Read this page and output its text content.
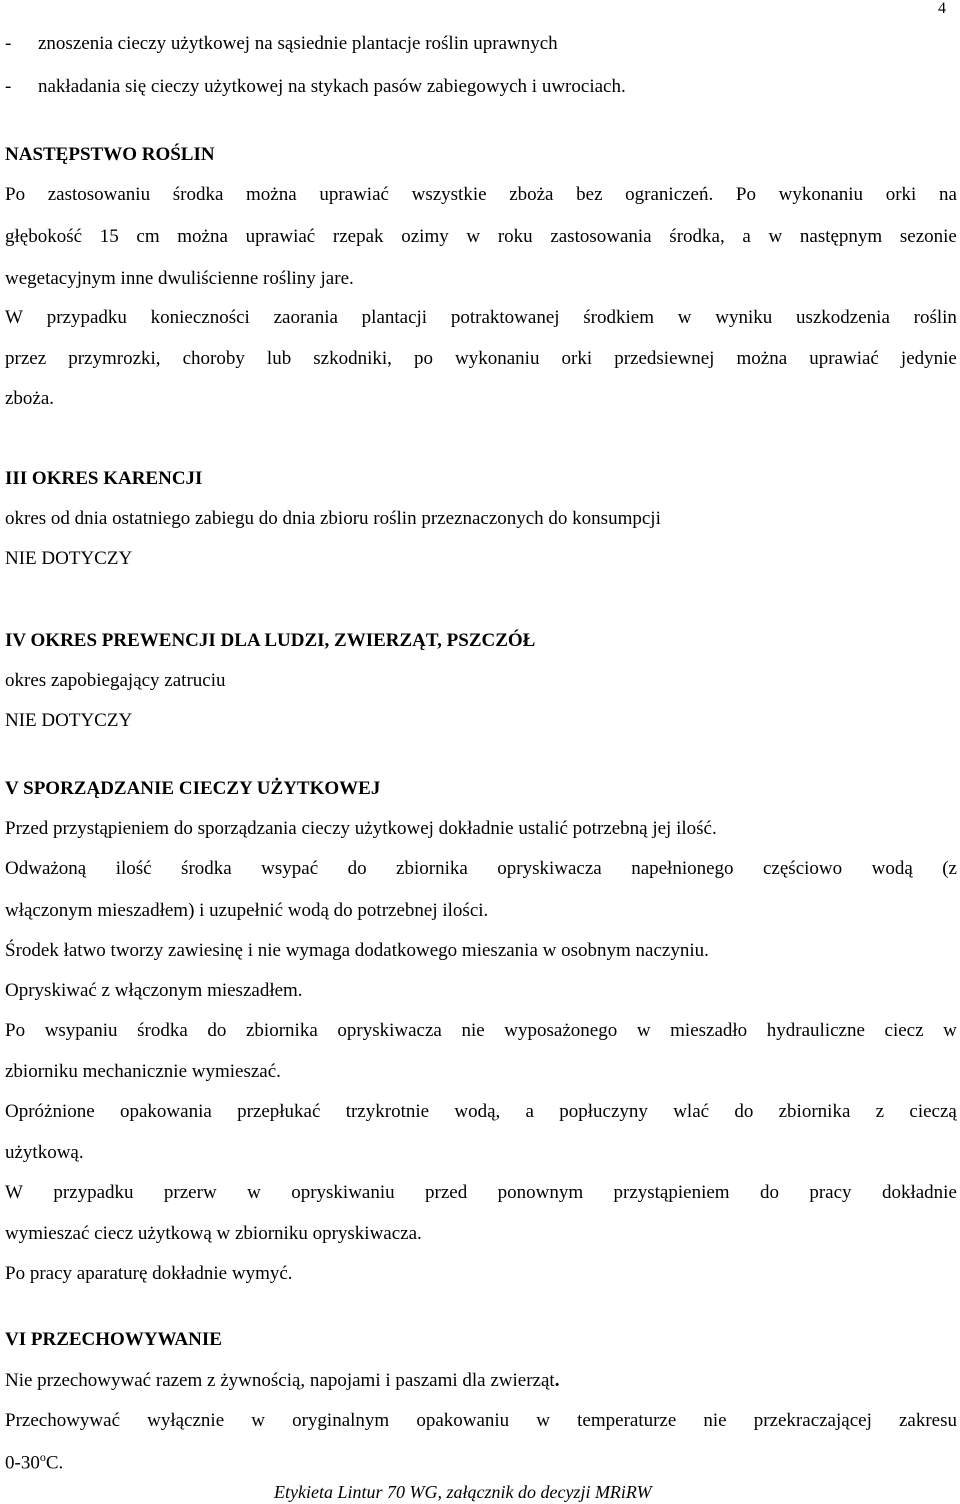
4
- znoszenia cieczy użytkowej na sąsiednie plantacje roślin uprawnych
- nakładania się cieczy użytkowej na stykach pasów zabiegowych i uwrociach.
NASTĘPSTWO ROŚLIN
Po zastosowaniu środka można uprawiać wszystkie zboża bez ograniczeń. Po wykonaniu orki na
głębokość 15 cm można uprawiać rzepak ozimy w roku zastosowania środka, a w następnym sezonie
wegetacyjnym inne dwuliścienne rośliny jare.
W przypadku konieczności zaorania plantacji potraktowanej środkiem w wyniku uszkodzenia roślin
przez przymrozki, choroby lub szkodniki, po wykonaniu orki przedsiewnej można uprawiać jedynie
zboża.
III OKRES KARENCJI
okres od dnia ostatniego zabiegu do dnia zbioru roślin przeznaczonych do konsumpcji
NIE DOTYCZY
IV OKRES PREWENCJI DLA LUDZI, ZWIERZĄT, PSZCZÓŁ
okres zapobiegający zatruciu
NIE DOTYCZY
V SPORZĄDZANIE CIECZY UŻYTKOWEJ
Przed przystąpieniem do sporządzania cieczy użytkowej dokładnie ustalić potrzebną jej ilość.
Odważoną ilość środka wsypać do zbiornika opryskiwacza napełnionego częściowo wodą (z
włączonym mieszadłem) i uzupełnić wodą do potrzebnej ilości.
Środek łatwo tworzy zawiesinę i nie wymaga dodatkowego mieszania w osobnym naczyniu.
Opryskiwać z włączonym mieszadłem.
Po wsypaniu środka do zbiornika opryskiwacza nie wyposażonego w mieszadło hydrauliczne ciecz w
zbiorniku mechanicznie wymieszać.
Opróżnione opakowania przepłukać trzykrotnie wodą, a popłuczyny wlać do zbiornika z cieczą
użytkową.
W przypadku przerw w opryskiwaniu przed ponownym przystąpieniem do pracy dokładnie
wymieszać ciecz użytkową w zbiorniku opryskiwacza.
Po pracy aparaturę dokładnie wymyć.
VI PRZECHOWYWANIE
Nie przechowywać razem z żywnością, napojami i paszami dla zwierząt.
Przechowywać wyłącznie w oryginalnym opakowaniu w temperaturze nie przekraczającej zakresu
0-30$^o$C.
Etykieta Lintur 70 WG, załącznik do decyzji MRiRW
